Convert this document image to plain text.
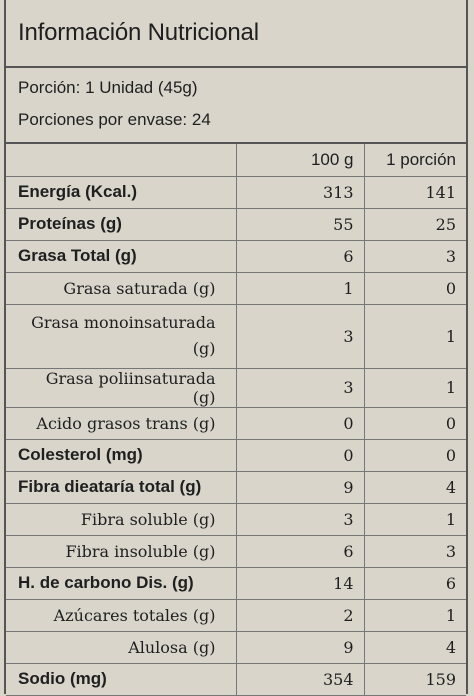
Información Nutricional
Porción: 1 Unidad (45g)
Porciones por envase: 24
	100 g	1 porción
Energía (Kcal.)	313	141
Proteínas (g)	55	25
Grasa Total (g)	6	3
Grasa saturada (g)	1	0
Grasa monoinsaturada (g)	3	1
Grasa poliinsaturada (g)	3	1
Acido grasos trans (g)	0	0
Colesterol (mg)	0	0
Fibra dieataría total (g)	9	4
Fibra soluble (g)	3	1
Fibra insoluble (g)	6	3
H. de carbono Dis. (g)	14	6
Azúcares totales (g)	2	1
Alulosa (g)	9	4
Sodio (mg)	354	159
